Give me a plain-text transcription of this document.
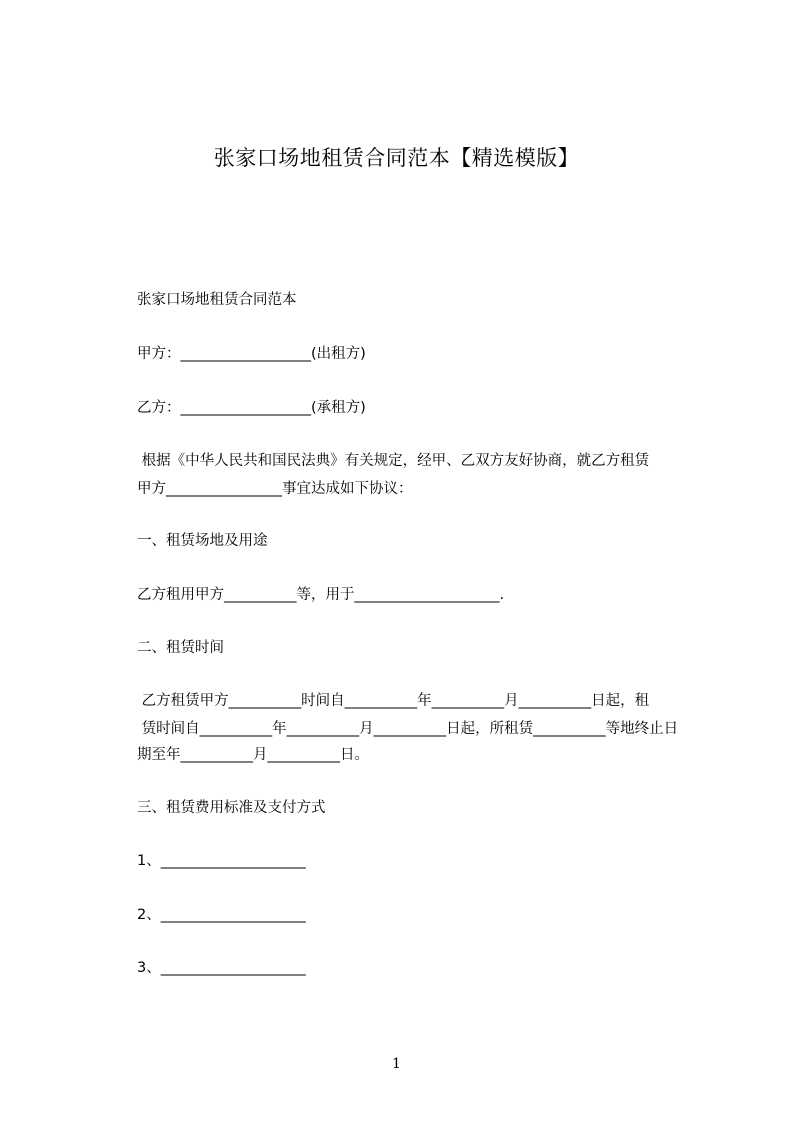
张家口场地租赁合同范本【精选模版】
张家口场地租赁合同范本
甲方：__________________(出租方)
乙方：__________________(承租方)
根据《中华人民共和国民法典》有关规定，经甲、乙双方友好协商，就乙方租赁
甲方________________事宜达成如下协议：
一、租赁场地及用途
乙方租用甲方__________等，用于____________________.
二、租赁时间
乙方租赁甲方__________时间自__________年__________月__________日起，租
赁时间自__________年__________月__________日起，所租赁__________等地终止日
期至年__________月__________日。
三、租赁费用标准及支付方式
1、____________________
2、____________________
3、____________________
1
